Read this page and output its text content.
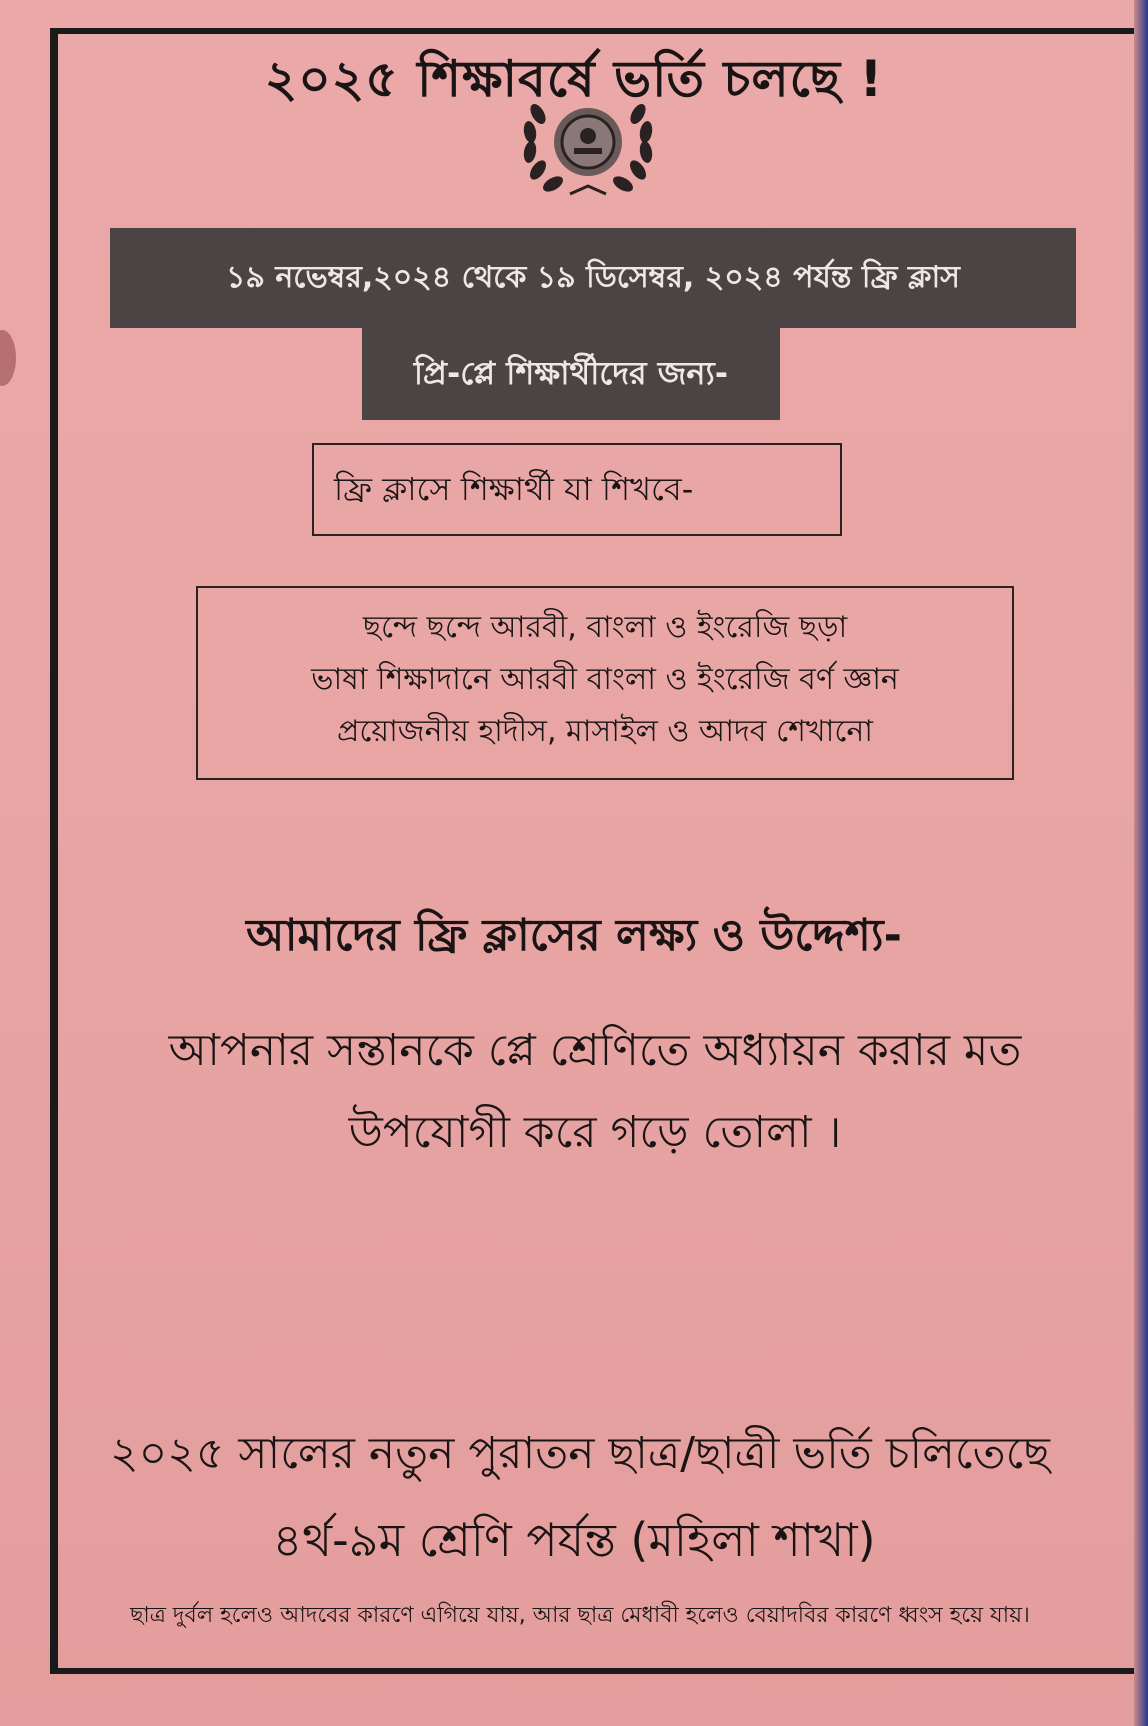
২০২৫ শিক্ষাবর্ষে ভর্তি চলছে !
১৯ নভেম্বর,২০২৪ থেকে ১৯ ডিসেম্বর, ২০২৪ পর্যন্ত ফ্রি ক্লাস
প্রি-প্লে শিক্ষার্থীদের জন্য-
ফ্রি ক্লাসে শিক্ষার্থী যা শিখবে-
ছন্দে ছন্দে আরবী, বাংলা ও ইংরেজি ছড়া
ভাষা শিক্ষাদানে আরবী বাংলা ও ইংরেজি বর্ণ জ্ঞান
প্রয়োজনীয় হাদীস, মাসাইল ও আদব শেখানো
আমাদের ফ্রি ক্লাসের লক্ষ্য ও উদ্দেশ্য-
আপনার সন্তানকে প্লে শ্রেণিতে অধ্যায়ন করার মত
উপযোগী করে গড়ে তোলা ।
২০২৫ সালের নতুন পুরাতন ছাত্র/ছাত্রী ভর্তি চলিতেছে
৪র্থ-৯ম শ্রেণি পর্যন্ত (মহিলা শাখা)
ছাত্র দুর্বল হলেও আদবের কারণে এগিয়ে যায়, আর ছাত্র মেধাবী হলেও বেয়াদবির কারণে ধ্বংস হয়ে যায়।
